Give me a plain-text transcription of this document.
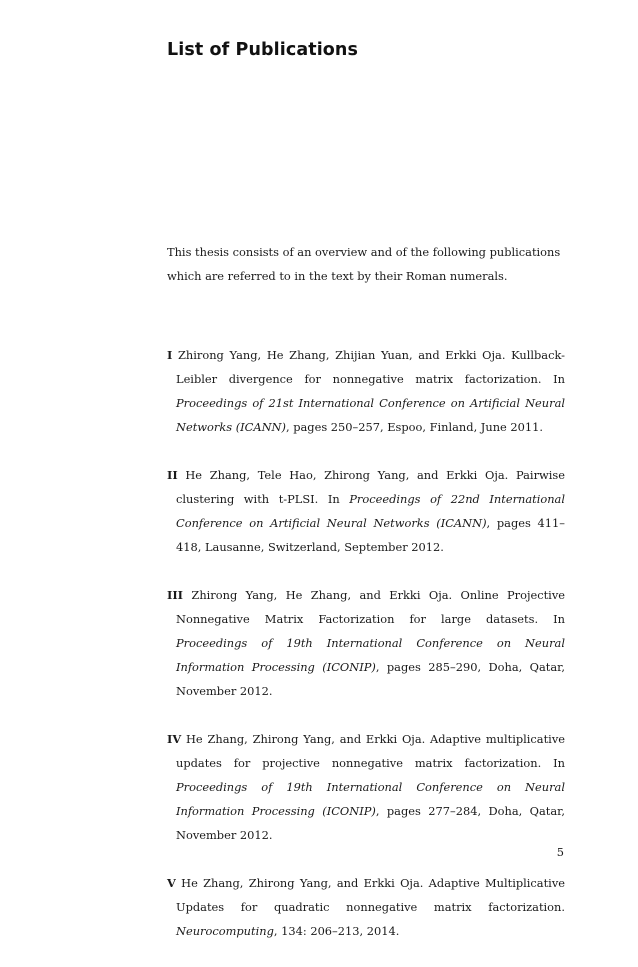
List of Publications

This thesis consists of an overview and of the following publications which are referred to in the text by their Roman numerals.

I Zhirong Yang, He Zhang, Zhijian Yuan, and Erkki Oja. Kullback-Leibler divergence for nonnegative matrix factorization. In Proceedings of 21st International Conference on Artificial Neural Networks (ICANN), pages 250–257, Espoo, Finland, June 2011.
II He Zhang, Tele Hao, Zhirong Yang, and Erkki Oja. Pairwise clustering with t-PLSI. In Proceedings of 22nd International Conference on Artificial Neural Networks (ICANN), pages 411–418, Lausanne, Switzerland, September 2012.
III Zhirong Yang, He Zhang, and Erkki Oja. Online Projective Nonnegative Matrix Factorization for large datasets. In Proceedings of 19th International Conference on Neural Information Processing (ICONIP), pages 285–290, Doha, Qatar, November 2012.
IV He Zhang, Zhirong Yang, and Erkki Oja. Adaptive multiplicative updates for projective nonnegative matrix factorization. In Proceedings of 19th International Conference on Neural Information Processing (ICONIP), pages 277–284, Doha, Qatar, November 2012.
V He Zhang, Zhirong Yang, and Erkki Oja. Adaptive Multiplicative Updates for quadratic nonnegative matrix factorization. Neurocomputing, 134: 206–213, 2014.
5
